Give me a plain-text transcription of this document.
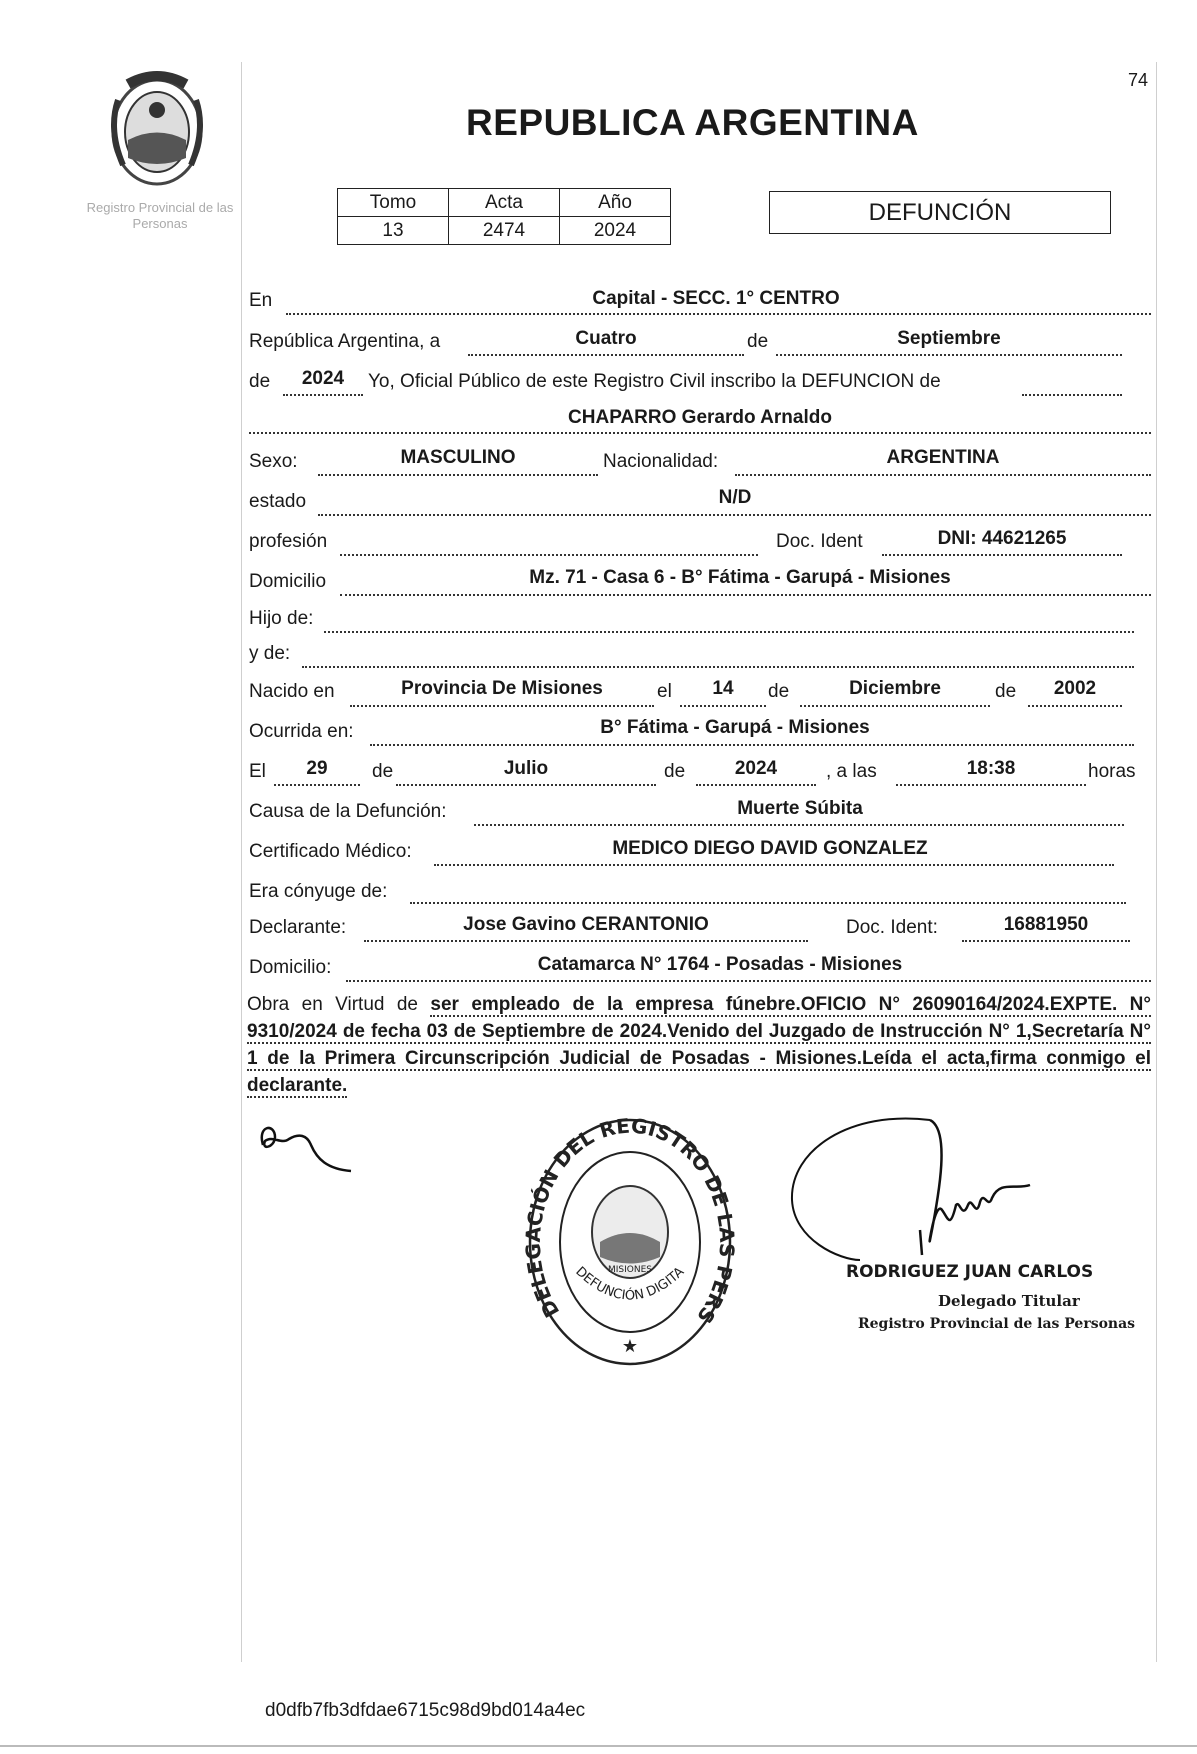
74
Registro Provincial de las Personas
REPUBLICA ARGENTINA
Tomo	Acta	Año
13	2474	2024
DEFUNCIÓN
En	Capital - SECC. 1° CENTRO
República Argentina, a	Cuatro	de	Septiembre
de	2024	Yo, Oficial Público de este Registro Civil inscribo la DEFUNCION de
CHAPARRO Gerardo Arnaldo
Sexo:	MASCULINO	Nacionalidad:	ARGENTINA
estado	N/D
profesión	Doc. Ident	DNI: 44621265
Domicilio	Mz. 71 - Casa 6 - B° Fátima - Garupá - Misiones
Hijo de:
y de:
Nacido en	Provincia De Misiones	el	14	de	Diciembre	de	2002
Ocurrida en:	B° Fátima - Garupá - Misiones
El	29	de	Julio	de	2024	, a las	18:38	horas
Causa de la Defunción:	Muerte Súbita
Certificado Médico:	MEDICO DIEGO DAVID GONZALEZ
Era cónyuge de:
Declarante:	Jose Gavino CERANTONIO	Doc. Ident:	16881950
Domicilio:	Catamarca N° 1764 - Posadas - Misiones
Obra en Virtud de ser empleado de la empresa fúnebre.OFICIO N° 26090164/2024.EXPTE. N° 9310/2024 de fecha 03 de Septiembre de 2024.Venido del Juzgado de Instrucción N° 1,Secretaría N° 1 de la Primera Circunscripción Judicial de Posadas - Misiones.Leída el acta,firma conmigo el declarante.
DELEGACIÓN DEL REGISTRO DE LAS PERS
DEFUNCIÓN DIGITA
MISIONES
★
RODRIGUEZ JUAN CARLOS
Delegado Titular
Registro Provincial de las Personas
d0dfb7fb3dfdae6715c98d9bd014a4ec
